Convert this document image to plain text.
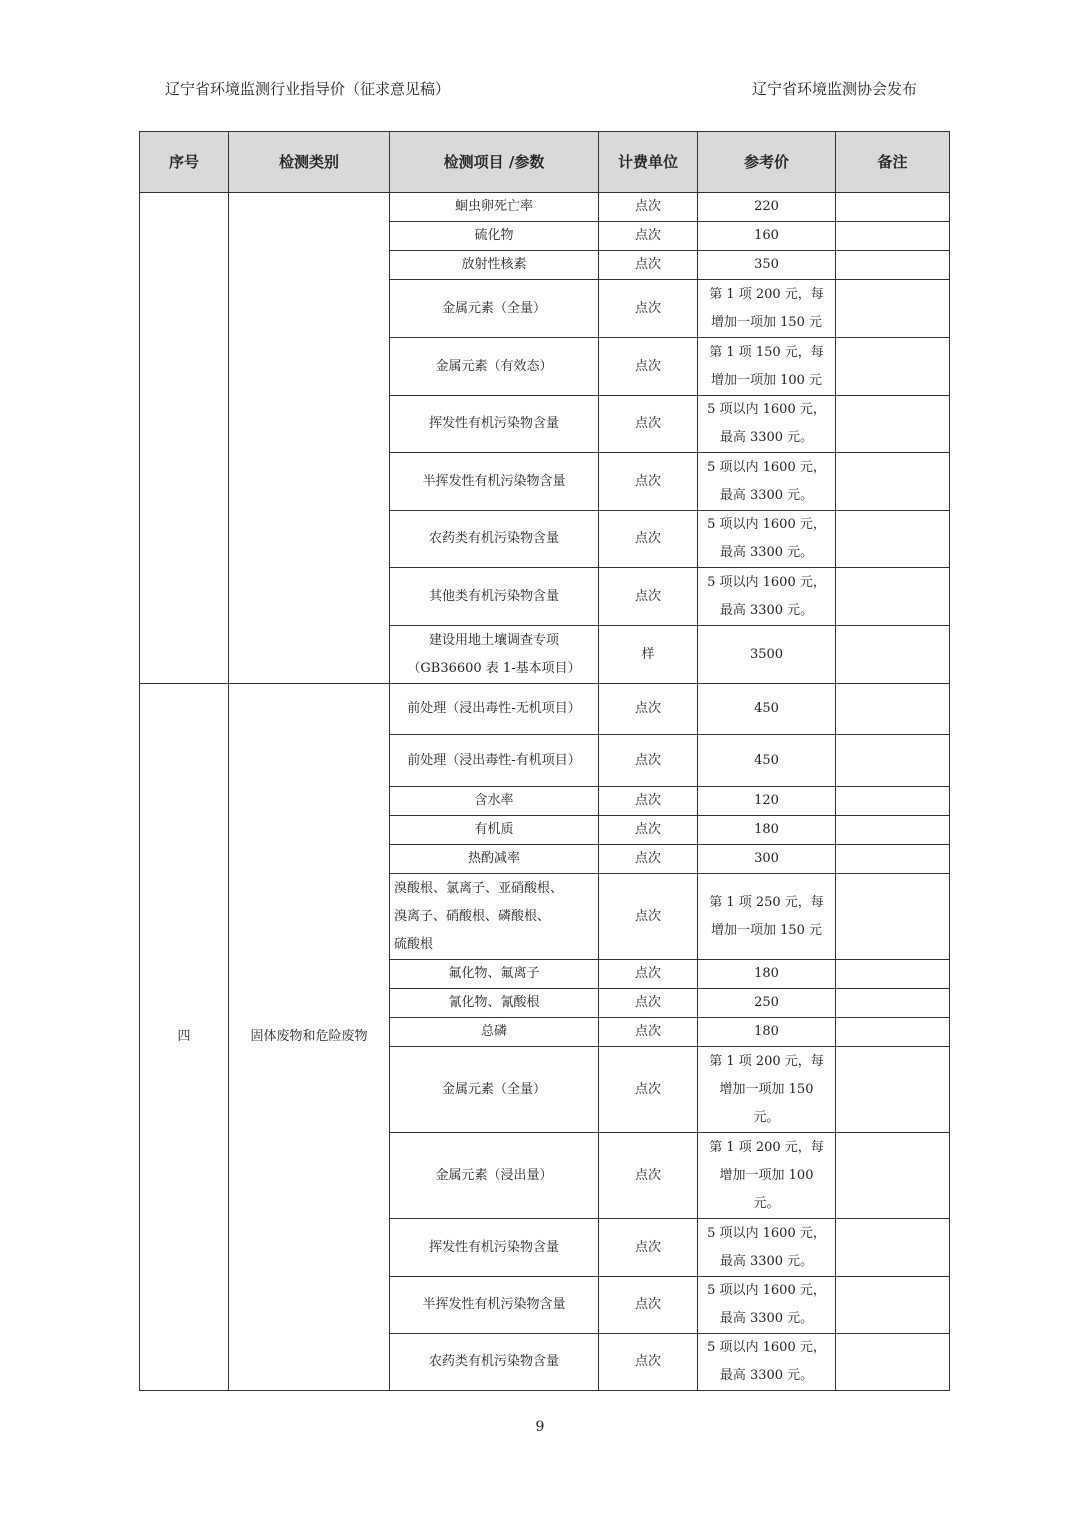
辽宁省环境监测行业指导价（征求意见稿）	辽宁省环境监测协会发布
序号	检测类别	检测项目 /参数	计费单位	参考价	备注
		蛔虫卵死亡率	点次	220	
		硫化物	点次	160	
		放射性核素	点次	350	
		金属元素（全量）	点次	第 1 项 200 元，每
增加一项加 150 元	
		金属元素（有效态）	点次	第 1 项 150 元，每
增加一项加 100 元	
		挥发性有机污染物含量	点次	5 项以内 1600 元，
最高 3300 元。	
		半挥发性有机污染物含量	点次	5 项以内 1600 元，
最高 3300 元。	
		农药类有机污染物含量	点次	5 项以内 1600 元，
最高 3300 元。	
		其他类有机污染物含量	点次	5 项以内 1600 元，
最高 3300 元。	
		建设用地土壤调查专项
（GB36600 表 1-基本项目）	样	3500	
四	固体废物和危险废物	前处理（浸出毒性-无机项目）	点次	450	
		前处理（浸出毒性-有机项目）	点次	450	
		含水率	点次	120	
		有机质	点次	180	
		热酌减率	点次	300	
		溴酸根、氯离子、亚硝酸根、
溴离子、硝酸根、磷酸根、
硫酸根	点次	第 1 项 250 元，每
增加一项加 150 元	
		氟化物、氟离子	点次	180	
		氰化物、氰酸根	点次	250	
		总磷	点次	180	
		金属元素（全量）	点次	第 1 项 200 元，每
增加一项加 150
元。	
		金属元素（浸出量）	点次	第 1 项 200 元，每
增加一项加 100
元。	
		挥发性有机污染物含量	点次	5 项以内 1600 元，
最高 3300 元。	
		半挥发性有机污染物含量	点次	5 项以内 1600 元，
最高 3300 元。	
		农药类有机污染物含量	点次	5 项以内 1600 元，
最高 3300 元。	
9
